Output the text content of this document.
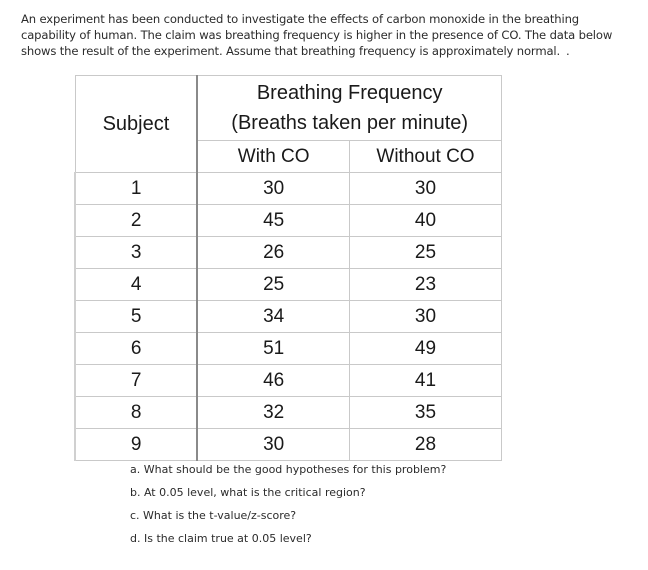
An experiment has been conducted to investigate the effects of carbon monoxide in the breathing
capability of human. The claim was breathing frequency is higher in the presence of CO. The data below
shows the result of the experiment. Assume that breathing frequency is approximately normal. .
Subject	Breathing Frequency
(Breaths taken per minute)	

	With CO	Without CO
1	30	30
2	45	40
3	26	25
4	25	23
5	34	30
6	51	49
7	46	41
8	32	35
9	30	28
a. What should be the good hypotheses for this problem?
b. At 0.05 level, what is the critical region?
c. What is the t-value/z-score?
d. Is the claim true at 0.05 level?
